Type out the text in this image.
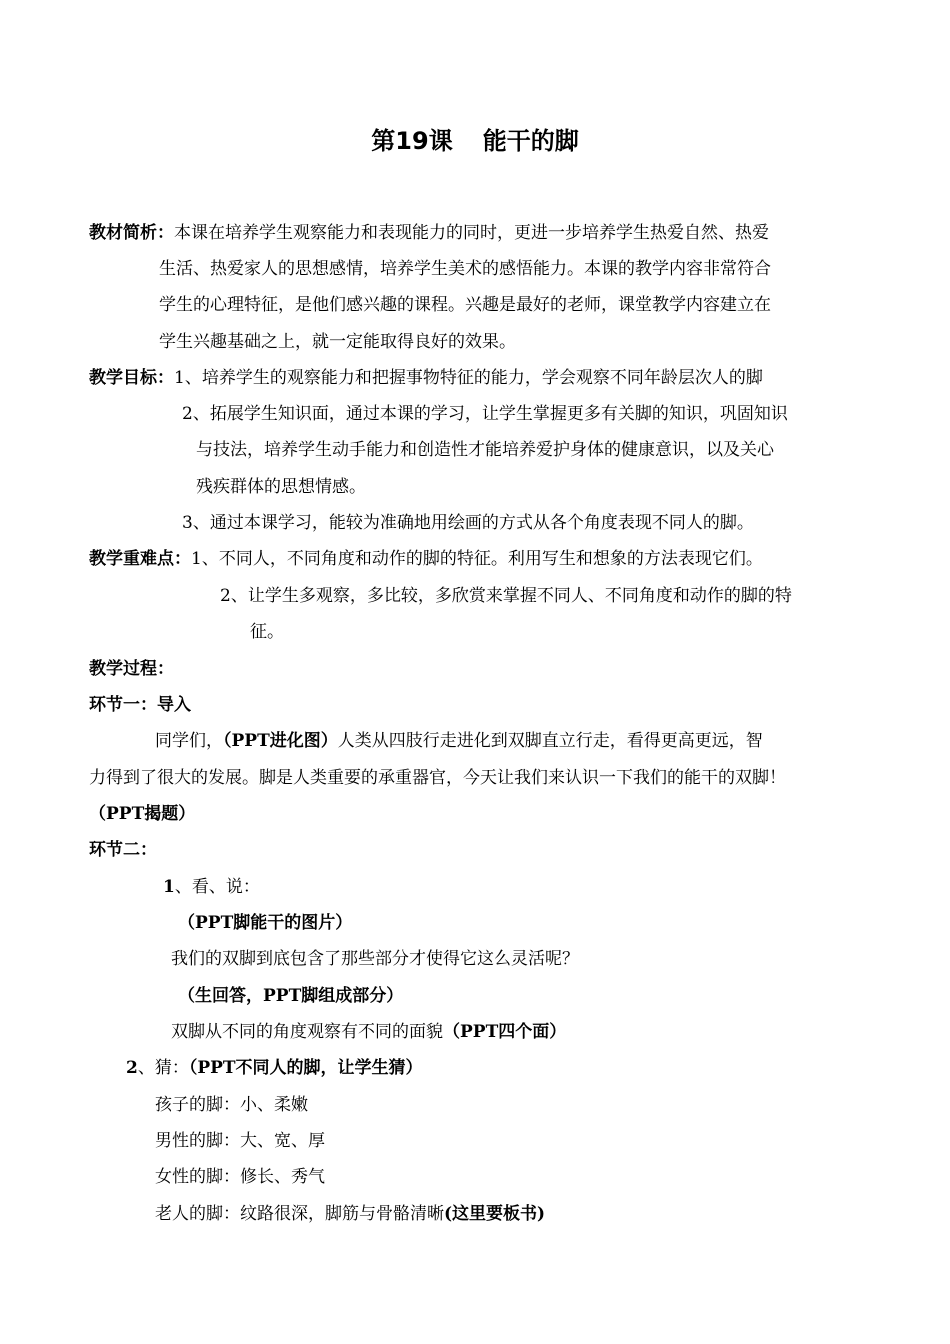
第19课 能干的脚
教材简析：本课在培养学生观察能力和表现能力的同时，更进一步培养学生热爱自然、热爱
生活、热爱家人的思想感情，培养学生美术的感悟能力。本课的教学内容非常符合
学生的心理特征，是他们感兴趣的课程。兴趣是最好的老师，课堂教学内容建立在
学生兴趣基础之上，就一定能取得良好的效果。
教学目标：1、培养学生的观察能力和把握事物特征的能力，学会观察不同年龄层次人的脚
2、拓展学生知识面，通过本课的学习，让学生掌握更多有关脚的知识，巩固知识
与技法，培养学生动手能力和创造性才能培养爱护身体的健康意识，以及关心
残疾群体的思想情感。
3、通过本课学习，能较为准确地用绘画的方式从各个角度表现不同人的脚。
教学重难点：1、不同人，不同角度和动作的脚的特征。利用写生和想象的方法表现它们。
2、让学生多观察，多比较，多欣赏来掌握不同人、不同角度和动作的脚的特
征。
教学过程：
环节一：导入
同学们，（PPT进化图）人类从四肢行走进化到双脚直立行走，看得更高更远，智
力得到了很大的发展。脚是人类重要的承重器官，今天让我们来认识一下我们的能干的双脚！
（PPT揭题）
环节二：
1、看、说：
（PPT脚能干的图片）
我们的双脚到底包含了那些部分才使得它这么灵活呢？
（生回答，PPT脚组成部分）
双脚从不同的角度观察有不同的面貌（PPT四个面）
2、猜：（PPT不同人的脚，让学生猜）
孩子的脚：小、柔嫩
男性的脚：大、宽、厚
女性的脚：修长、秀气
老人的脚：纹路很深，脚筋与骨骼清晰(这里要板书)
